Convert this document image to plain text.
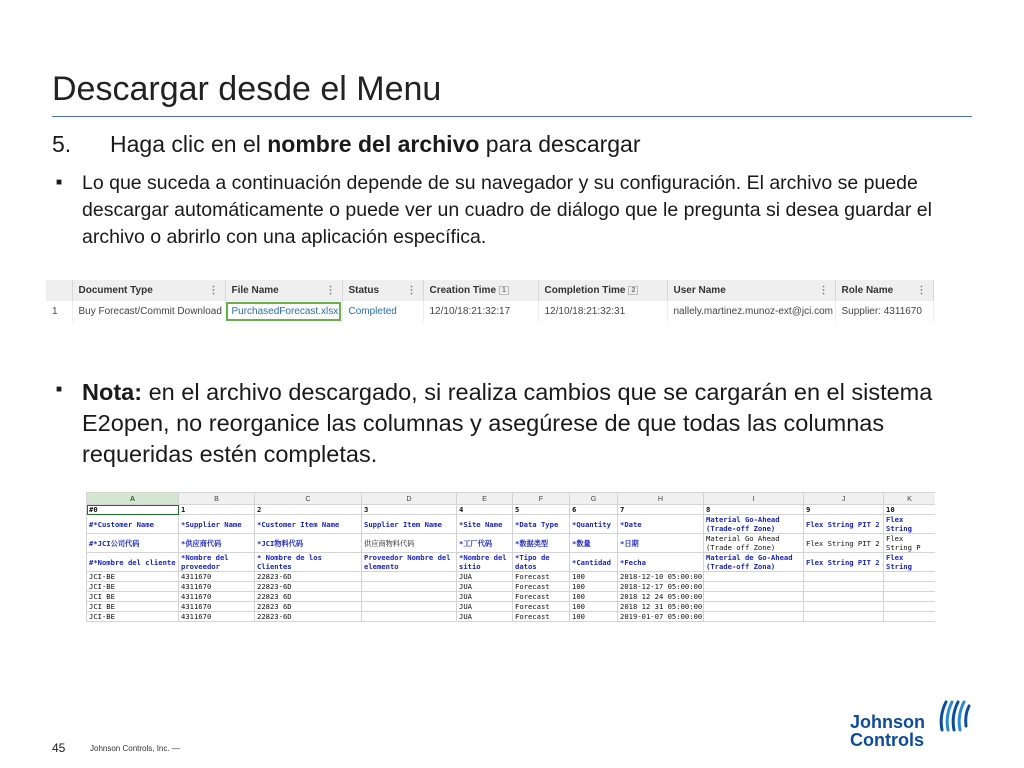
Descargar desde el Menu
5. Haga clic en el nombre del archivo para descargar
■ Lo que suceda a continuación depende de su navegador y su configuración. El archivo se puede descargar automáticamente o puede ver un cuadro de diálogo que le pregunta si desea guardar el archivo o abrirlo con una aplicación específica.
	Document Type ⋮	File Name ⋮	Status ⋮	Creation Time 1	Completion Time 2	User Name ⋮	Role Name ⋮

1	Buy Forecast/Commit Download	PurchasedForecast.xlsx	Completed	12/10/18:21:32:17	12/10/18:21:32:31	nallely.martinez.munoz-ext@jci.com	Supplier: 4311670
■ Nota: en el archivo descargado, si realiza cambios que se cargarán en el sistema E2open, no reorganice las columnas y asegúrese de que todas las columnas requeridas estén completas.
A	B	C	D	E	F	G	H	I	J	K
#0	1	2	3	4	5	6	7	8	9	10
#*Customer Name	*Supplier Name	*Customer Item Name	Supplier Item Name	*Site Name	*Data Type	*Quantity	*Date	Material Go-Ahead (Trade-off Zone)	Flex String PIT 2	Flex String
#*JCI公司代码	*供应商代码	*JCI物料代码	供应商物料代码	*工厂代码	*数据类型	*数量	*日期	Material Go Ahead (Trade off Zone)	Flex String PIT 2	Flex String P
#*Nombre del cliente	*Nombre del proveedor	* Nombre de los Clientes	Proveedor Nombre del elemento	*Nombre del sitio	*Tipo de datos	*Cantidad	*Fecha	Material de Go-Ahead (Trade-off Zona)	Flex String PIT 2	Flex String
JCI-BE	4311670	22823-6D		JUA	Forecast	100	2018-12-10 05:00:00			
JCI-BE	4311670	22823-6D		JUA	Forecast	100	2018-12-17 05:00:00			
JCI BE	4311670	22823 6D		JUA	Forecast	100	2018 12 24 05:00:00			
JCI BE	4311670	22823 6D		JUA	Forecast	100	2018 12 31 05:00:00			
JCI-BE	4311670	22823-6D		JUA	Forecast	100	2019-01-07 05:00:00			
45	Johnson Controls, Inc. —
Johnson
Controls
